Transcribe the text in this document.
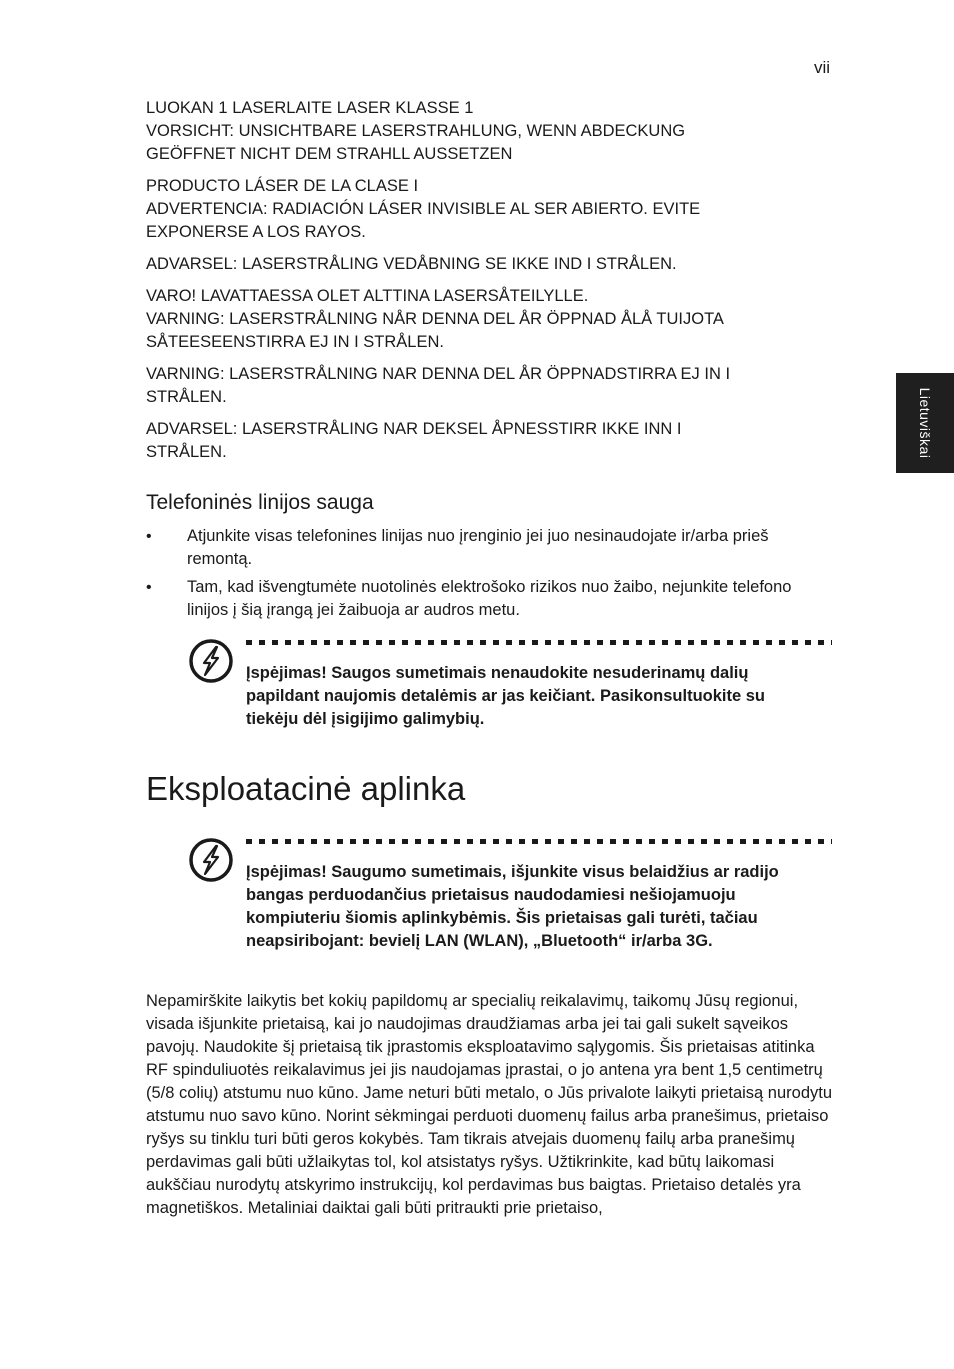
vii
Lietuviškai

LUOKAN 1 LASERLAITE LASER KLASSE 1
VORSICHT: UNSICHTBARE LASERSTRAHLUNG, WENN ABDECKUNG
GEÖFFNET NICHT DEM STRAHLL AUSSETZEN

PRODUCTO LÁSER DE LA CLASE I
ADVERTENCIA: RADIACIÓN LÁSER INVISIBLE AL SER ABIERTO. EVITE
EXPONERSE A LOS RAYOS.

ADVARSEL: LASERSTRÅLING VEDÅBNING SE IKKE IND I STRÅLEN.

VARO! LAVATTAESSA OLET ALTTINA LASERSÅTEILYLLE.
VARNING: LASERSTRÅLNING NÅR DENNA DEL ÅR ÖPPNAD ÅLÅ TUIJOTA
SÅTEESEENSTIRRA EJ IN I STRÅLEN.

VARNING: LASERSTRÅLNING NAR DENNA DEL ÅR ÖPPNADSTIRRA EJ IN I
STRÅLEN.

ADVARSEL: LASERSTRÅLING NAR DEKSEL ÅPNESSTIRR IKKE INN I
STRÅLEN.

Telefoninės linijos sauga
• Atjunkite visas telefonines linijas nuo įrenginio jei juo nesinaudojate ir/arba prieš remontą.
• Tam, kad išvengtumėte nuotolinės elektrošoko rizikos nuo žaibo, nejunkite telefono linijos į šią įrangą jei žaibuoja ar audros metu.
Įspėjimas! Saugos sumetimais nenaudokite nesuderinamų dalių papildant naujomis detalėmis ar jas keičiant. Pasikonsultuokite su tiekėju dėl įsigijimo galimybių.
Eksploatacinė aplinka
Įspėjimas! Saugumo sumetimais, išjunkite visus belaidžius ar radijo bangas perduodančius prietaisus naudodamiesi nešiojamuoju kompiuteriu šiomis aplinkybėmis. Šis prietaisas gali turėti, tačiau neapsiribojant: bevielį LAN (WLAN), „Bluetooth“ ir/arba 3G.

Nepamirškite laikytis bet kokių papildomų ar specialių reikalavimų, taikomų Jūsų regionui, visada išjunkite prietaisą, kai jo naudojimas draudžiamas arba jei tai gali sukelt sąveikos pavojų. Naudokite šį prietaisą tik įprastomis eksploatavimo sąlygomis. Šis prietaisas atitinka RF spinduliuotės reikalavimus jei jis naudojamas įprastai, o jo antena yra bent 1,5 centimetrų (5/8 colių) atstumu nuo kūno. Jame neturi būti metalo, o Jūs privalote laikyti prietaisą nurodytu atstumu nuo savo kūno. Norint sėkmingai perduoti duomenų failus arba pranešimus, prietaiso ryšys su tinklu turi būti geros kokybės. Tam tikrais atvejais duomenų failų arba pranešimų perdavimas gali būti užlaikytas tol, kol atsistatys ryšys. Užtikrinkite, kad būtų laikomasi aukščiau nurodytų atskyrimo instrukcijų, kol perdavimas bus baigtas. Prietaiso detalės yra magnetiškos. Metaliniai daiktai gali būti pritraukti prie prietaiso,
